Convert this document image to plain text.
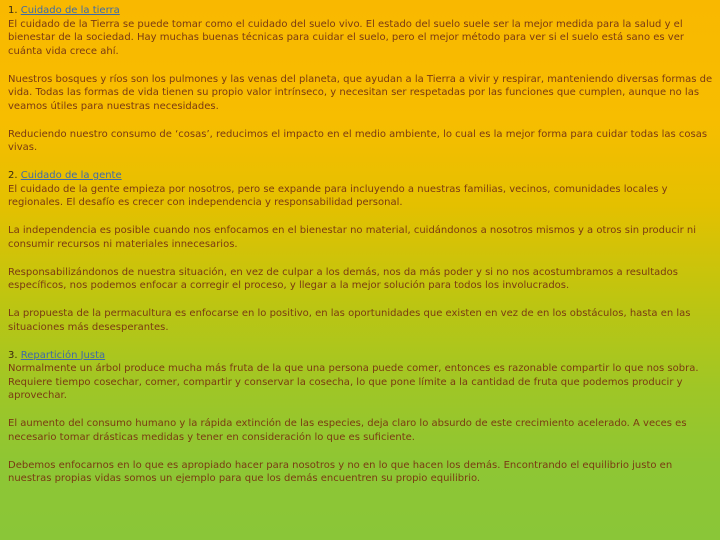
1. Cuidado de la tierra

El cuidado de la Tierra se puede tomar como el cuidado del suelo vivo. El estado del suelo suele ser la mejor medida para la salud y el bienestar de la sociedad. Hay muchas buenas técnicas para cuidar el suelo, pero el mejor método para ver si el suelo está sano es ver cuánta vida crece ahí.

Nuestros bosques y ríos son los pulmones y las venas del planeta, que ayudan a la Tierra a vivir y respirar, manteniendo diversas formas de vida. Todas las formas de vida tienen su propio valor intrínseco, y necesitan ser respetadas por las funciones que cumplen, aunque no las veamos útiles para nuestras necesidades.

Reduciendo nuestro consumo de ‘cosas’, reducimos el impacto en el medio ambiente, lo cual es la mejor forma para cuidar todas las cosas vivas.

2. Cuidado de la gente

El cuidado de la gente empieza por nosotros, pero se expande para incluyendo a nuestras familias, vecinos, comunidades locales y regionales. El desafío es crecer con independencia y responsabilidad personal.

La independencia es posible cuando nos enfocamos en el bienestar no material, cuidándonos a nosotros mismos y a otros sin producir ni consumir recursos ni materiales innecesarios.

Responsabilizándonos de nuestra situación, en vez de culpar a los demás, nos da más poder y si no nos acostumbramos a resultados específicos, nos podemos enfocar a corregir el proceso, y llegar a la mejor solución para todos los involucrados.

La propuesta de la permacultura es enfocarse en lo positivo, en las oportunidades que existen en vez de en los obstáculos, hasta en las situaciones más desesperantes.

3. Repartición Justa

Normalmente un árbol produce mucha más fruta de la que una persona puede comer, entonces es razonable compartir lo que nos sobra. Requiere tiempo cosechar, comer, compartir y conservar la cosecha, lo que pone límite a la cantidad de fruta que podemos producir y aprovechar.

El aumento del consumo humano y la rápida extinción de las especies, deja claro lo absurdo de este crecimiento acelerado. A veces es necesario tomar drásticas medidas y tener en consideración lo que es suficiente.

Debemos enfocarnos en lo que es apropiado hacer para nosotros y no en lo que hacen los demás. Encontrando el equilibrio justo en nuestras propias vidas somos un ejemplo para que los demás encuentren su propio equilibrio.
